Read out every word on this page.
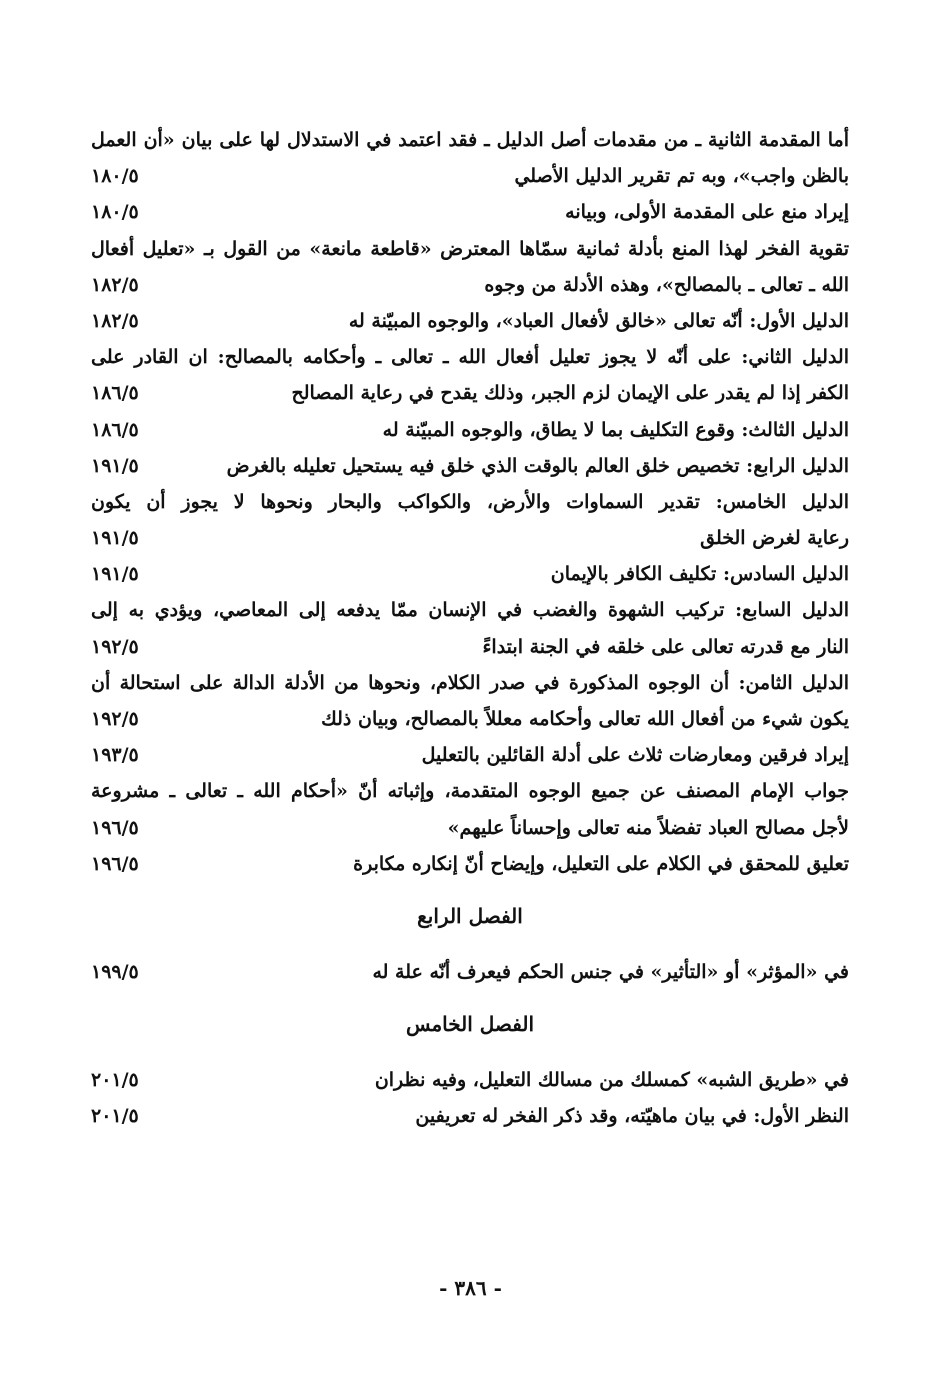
أما المقدمة الثانية ـ من مقدمات أصل الدليل ـ فقد اعتمد في الاستدلال لها على بيان «أن العمل
بالظن واجب»، وبه تم تقرير الدليل الأصلي
١٨٠/٥
إيراد منع على المقدمة الأولى، وبيانه
١٨٠/٥
تقوية الفخر لهذا المنع بأدلة ثمانية سمّاها المعترض «قاطعة مانعة» من القول بـ «تعليل أفعال
الله ـ تعالى ـ بالمصالح»، وهذه الأدلة من وجوه
١٨٢/٥
الدليل الأول: أنّه تعالى «خالق لأفعال العباد»، والوجوه المبيّنة له
١٨٢/٥
الدليل الثاني: على أنّه لا يجوز تعليل أفعال الله ـ تعالى ـ وأحكامه بالمصالح: ان القادر على
الكفر إذا لم يقدر على الإيمان لزم الجبر، وذلك يقدح في رعاية المصالح
١٨٦/٥
الدليل الثالث: وقوع التكليف بما لا يطاق، والوجوه المبيّنة له
١٨٦/٥
الدليل الرابع: تخصيص خلق العالم بالوقت الذي خلق فيه يستحيل تعليله بالغرض
١٩١/٥
الدليل الخامس: تقدير السماوات والأرض، والكواكب والبحار ونحوها لا يجوز أن يكون
رعاية لغرض الخلق
١٩١/٥
الدليل السادس: تكليف الكافر بالإيمان
١٩١/٥
الدليل السابع: تركيب الشهوة والغضب في الإنسان ممّا يدفعه إلى المعاصي، ويؤدي به إلى
النار مع قدرته تعالى على خلقه في الجنة ابتداءً
١٩٢/٥
الدليل الثامن: أن الوجوه المذكورة في صدر الكلام، ونحوها من الأدلة الدالة على استحالة أن
يكون شيء من أفعال الله تعالى وأحكامه معللاً بالمصالح، وبيان ذلك
١٩٢/٥
إيراد فرقين ومعارضات ثلاث على أدلة القائلين بالتعليل
١٩٣/٥
جواب الإمام المصنف عن جميع الوجوه المتقدمة، وإثباته أنّ «أحكام الله ـ تعالى ـ مشروعة
لأجل مصالح العباد تفضلاً منه تعالى وإحساناً عليهم»
١٩٦/٥
تعليق للمحقق في الكلام على التعليل، وإيضاح أنّ إنكاره مكابرة
١٩٦/٥
الفصل الرابع
في «المؤثر» أو «التأثير» في جنس الحكم فيعرف أنّه علة له
١٩٩/٥
الفصل الخامس
في «طريق الشبه» كمسلك من مسالك التعليل، وفيه نظران
٢٠١/٥
النظر الأول: في بيان ماهيّته، وقد ذكر الفخر له تعريفين
٢٠١/٥
- ٣٨٦ -
